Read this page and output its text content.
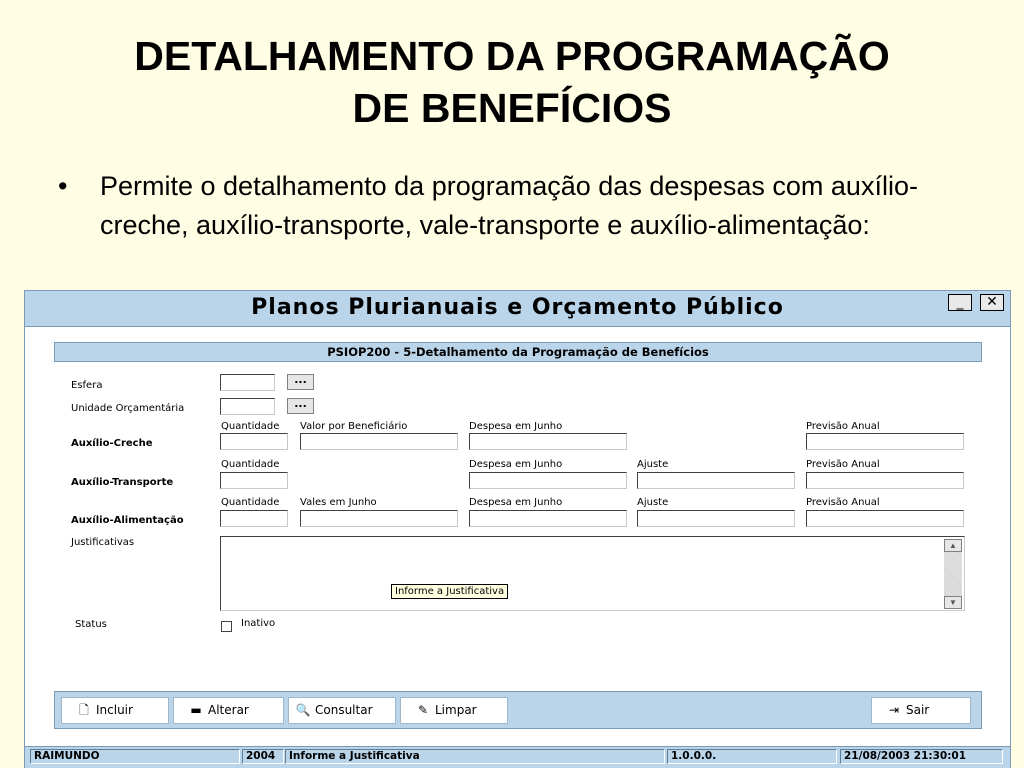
DETALHAMENTO DA PROGRAMAÇÃO
DE BENEFÍCIOS
• Permite o detalhamento da programação das despesas com auxílio-creche, auxílio-transporte, vale-transporte e auxílio-alimentação:
Planos Plurianuais e Orçamento Público	_	✕
PSIOP200 - 5-Detalhamento da Programação de Benefícios
Esfera	...
Unidade Orçamentária	...
Quantidade Valor por Beneficiário	Despesa em Junho	Previsão Anual
Auxílio-Creche
Quantidade	Despesa em Junho	Ajuste	Previsão Anual
Auxílio-Transporte
Quantidade Vales em Junho	Despesa em Junho	Ajuste	Previsão Anual
Auxílio-Alimentação
Justificativas	▲
▼
Informe a Justificativa
Status	Inativo
🗋 Incluir	▬ Alterar	🔍 Consultar	✎ Limpar	⇥ Sair
RAIMUNDO	2004	Informe a Justificativa	1.0.0.0.	21/08/2003 21:30:01
